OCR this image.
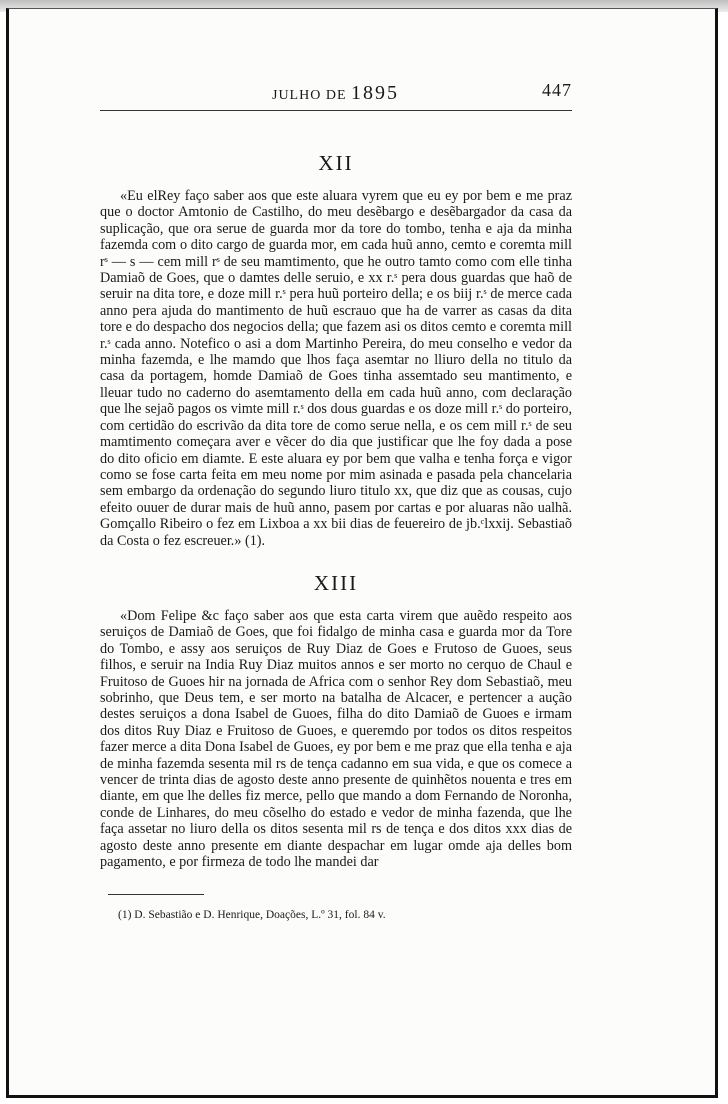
JULHO DE 1895	447
XII

«Eu elRey faço saber aos que este aluara vyrem que eu ey por bem e me praz que o doctor Amtonio de Castilho, do meu desẽbargo e desẽbargador da casa da suplicação, que ora serue de guarda mor da tore do tombo, tenha e aja da minha fazemda com o dito cargo de guarda mor, em cada huũ anno, cemto e coremta mill rˢ — s — cem mill rˢ de seu mamtimento, que he outro tamto como com elle tinha Damiaõ de Goes, que o damtes delle seruio, e xx r.ˢ pera dous guardas que haõ de seruir na dita tore, e doze mill r.ˢ pera huũ porteiro della; e os biij r.ˢ de merce cada anno pera ajuda do mantimento de huũ escrauo que ha de varrer as casas da dita tore e do despacho dos negocios della; que fazem asi os ditos cemto e coremta mill r.ˢ cada anno. Notefico o asi a dom Martinho Pereira, do meu conselho e vedor da minha fazemda, e lhe mamdo que lhos faça asemtar no lliuro della no titulo da casa da portagem, homde Damiaõ de Goes tinha assemtado seu mantimento, e lleuar tudo no caderno do asemtamento della em cada huũ anno, com declaração que lhe sejaõ pagos os vimte mill r.ˢ dos dous guardas e os doze mill r.ˢ do porteiro, com certidão do escrivão da dita tore de como serue nella, e os cem mill r.ˢ de seu mamtimento começara aver e vẽcer do dia que justificar que lhe foy dada a pose do dito oficio em diamte. E este aluara ey por bem que valha e tenha força e vigor como se fose carta feita em meu nome por mim asinada e pasada pela chancelaria sem embargo da ordenação do segundo liuro titulo xx, que diz que as cousas, cujo efeito ouuer de durar mais de huũ anno, pasem por cartas e por aluaras não ualhã. Gomçallo Ribeiro o fez em Lixboa a xx bii dias de feuereiro de jb.ᶜlxxij. Sebastiaõ da Costa o fez escreuer.» (1).

XIII

«Dom Felipe &c faço saber aos que esta carta virem que auẽdo respeito aos seruiços de Damiaõ de Goes, que foi fidalgo de minha casa e guarda mor da Tore do Tombo, e assy aos seruiços de Ruy Diaz de Goes e Frutoso de Guoes, seus filhos, e seruir na India Ruy Diaz muitos annos e ser morto no cerquo de Chaul e Fruitoso de Guoes hir na jornada de Africa com o senhor Rey dom Sebastiaõ, meu sobrinho, que Deus tem, e ser morto na batalha de Alcacer, e pertencer a aução destes seruiços a dona Isabel de Guoes, filha do dito Damiaõ de Guoes e irmam dos ditos Ruy Diaz e Fruitoso de Guoes, e queremdo por todos os ditos respeitos fazer merce a dita Dona Isabel de Guoes, ey por bem e me praz que ella tenha e aja de minha fazemda sesenta mil rs de tença cadanno em sua vida, e que os comece a vencer de trinta dias de agosto deste anno presente de quinhẽtos nouenta e tres em diante, em que lhe delles fiz merce, pello que mando a dom Fernando de Noronha, conde de Linhares, do meu cõselho do estado e vedor de minha fazenda, que lhe faça assetar no liuro della os ditos sesenta mil rs de tença e dos ditos xxx dias de agosto deste anno presente em diante despachar em lugar omde aja delles bom pagamento, e por firmeza de todo lhe mandei dar

(1) D. Sebastião e D. Henrique, Doações, L.º 31, fol. 84 v.
